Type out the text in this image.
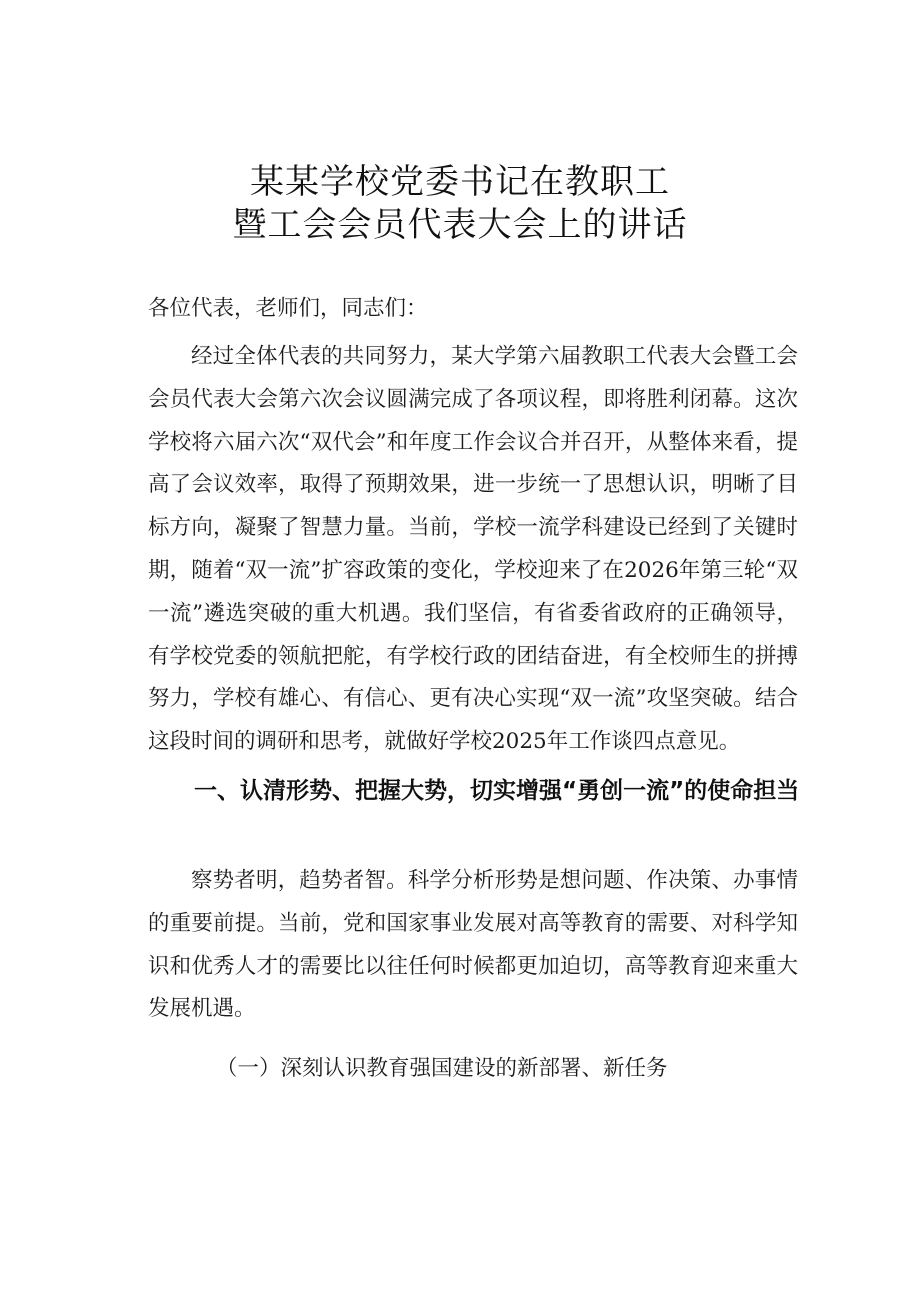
某某学校党委书记在教职工
暨工会会员代表大会上的讲话
各位代表，老师们，同志们：

经过全体代表的共同努力，某大学第六届教职工代表大会暨工会会员代表大会第六次会议圆满完成了各项议程，即将胜利闭幕。这次学校将六届六次“双代会”和年度工作会议合并召开，从整体来看，提高了会议效率，取得了预期效果，进一步统一了思想认识，明晰了目标方向，凝聚了智慧力量。当前，学校一流学科建设已经到了关键时期，随着“双一流”扩容政策的变化，学校迎来了在2026年第三轮“双一流”遴选突破的重大机遇。我们坚信，有省委省政府的正确领导，有学校党委的领航把舵，有学校行政的团结奋进，有全校师生的拼搏努力，学校有雄心、有信心、更有决心实现“双一流”攻坚突破。结合这段时间的调研和思考，就做好学校2025年工作谈四点意见。

一、认清形势、把握大势，切实增强“勇创一流”的使命担当

察势者明，趋势者智。科学分析形势是想问题、作决策、办事情的重要前提。当前，党和国家事业发展对高等教育的需要、对科学知识和优秀人才的需要比以往任何时候都更加迫切，高等教育迎来重大发展机遇。

（一）深刻认识教育强国建设的新部署、新任务
